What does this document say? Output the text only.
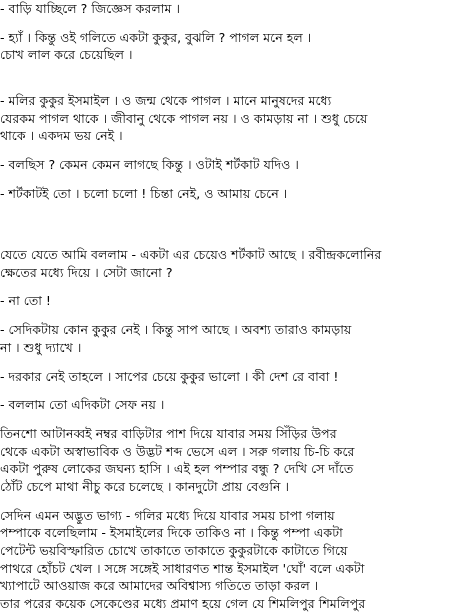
- বাড়ি যাচ্ছিলে ? জিজ্ঞেস করলাম ।
- হ্যাঁ । কিন্তু ওই গলিতে একটা কুকুর, বুঝলি ? পাগল মনে হল ।
চোখ লাল করে চেয়েছিল ।
- মলির কুকুর ইসমাইল । ও জন্ম থেকে পাগল । মানে মানুষদের মধ্যে
যেরকম পাগল থাকে । জীবানু থেকে পাগল নয় । ও কামড়ায় না । শুধু চেয়ে
থাকে । একদম ভয় নেই ।
- বলছিস ? কেমন কেমন লাগছে কিন্তু । ওটাই শর্টকাট যদিও ।
- শর্টকাটই তো । চলো চলো ! চিন্তা নেই, ও আমায় চেনে ।
যেতে যেতে আমি বললাম - একটা এর চেয়েও শর্টকাট আছে । রবীন্দ্রকলোনির
ক্ষেতের মধ্যে দিয়ে । সেটা জানো ?
- না তো !
- সেদিকটায় কোন কুকুর নেই । কিন্তু সাপ আছে । অবশ্য তারাও কামড়ায়
না । শুধু দ্যাখে ।
- দরকার নেই তাহলে । সাপের চেয়ে কুকুর ভালো । কী দেশ রে বাবা !
- বললাম তো এদিকটা সেফ নয় ।
তিনশো আটানব্বই নম্বর বাড়িটার পাশ দিয়ে যাবার সময় সিঁড়ির উপর
থেকে একটা অস্বাভাবিক ও উদ্ভট শব্দ ভেসে এল । সরু গলায় চি-চি করে
একটা পুরুষ লোকের জঘন্য হাসি । এই হল পম্পার বন্ধু ? দেখি সে দাঁতে
ঠোঁট চেপে মাথা নীচু করে চলেছে । কানদুটো প্রায় বেগুনি ।
সেদিন এমন অদ্ভুত ভাগ্য - গলির মধ্যে দিয়ে যাবার সময় চাপা গলায়
পম্পাকে বলেছিলাম - ইসমাইলের দিকে তাকিও না । কিন্তু পম্পা একটা
পেটেন্ট ভয়বিস্ফারিত চোখে তাকাতে তাকাতে কুকুরটাকে কাটাতে গিয়ে
পাথরে হোঁচট খেল । সঙ্গে সঙ্গেই সাধারণত শান্ত ইসমাইল 'ঘোঁ' বলে একটা
খ্যাপাটে আওয়াজ করে আমাদের অবিশ্বাস্য গতিতে তাড়া করল ।
তার পরের কয়েক সেকেণ্ডের মধ্যে প্রমাণ হয়ে গেল যে শিমলিপুর শিমলিপুর
